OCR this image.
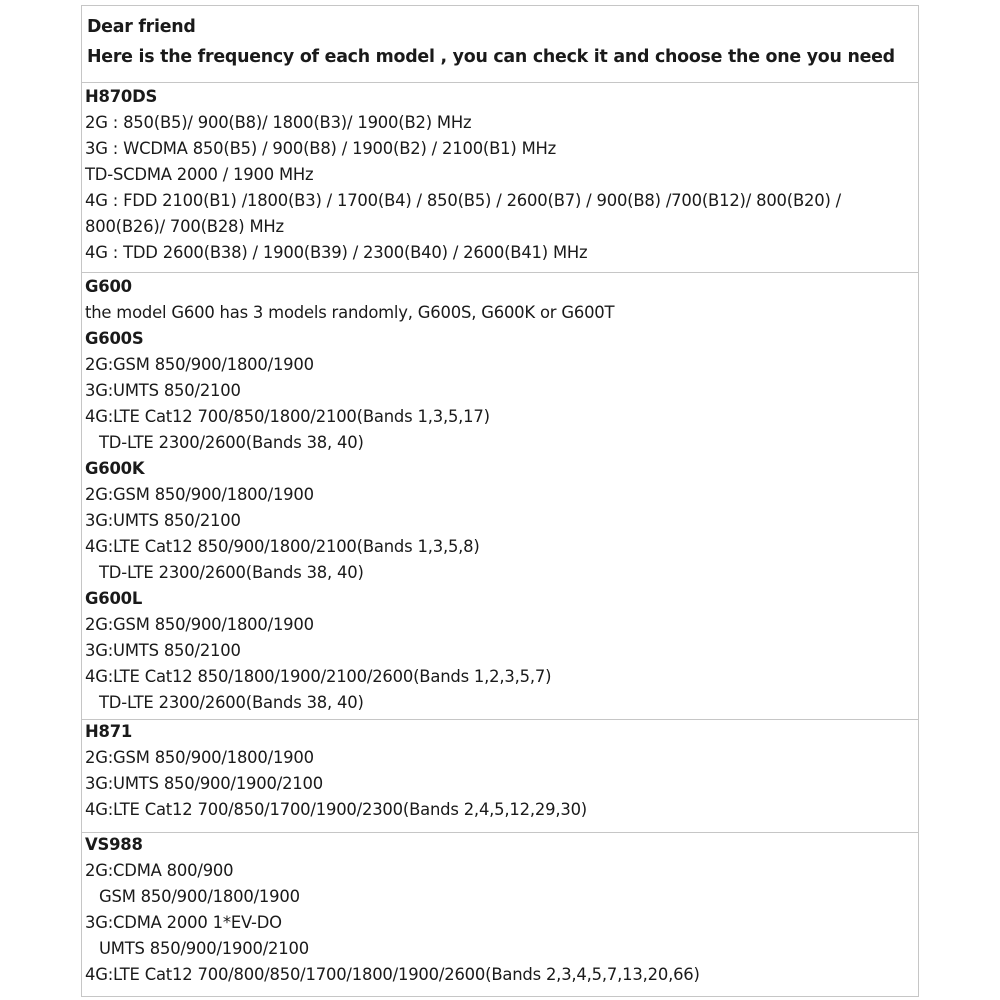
Dear friend
Here is the frequency of each model , you can check it and choose the one you need
H870DS
2G : 850(B5)/ 900(B8)/ 1800(B3)/ 1900(B2) MHz
3G : WCDMA 850(B5) / 900(B8) / 1900(B2) / 2100(B1) MHz
TD-SCDMA 2000 / 1900 MHz
4G : FDD 2100(B1) /1800(B3) / 1700(B4) / 850(B5) / 2600(B7) / 900(B8) /700(B12)/ 800(B20) /
800(B26)/ 700(B28) MHz
4G : TDD 2600(B38) / 1900(B39) / 2300(B40) / 2600(B41) MHz
G600
the model G600 has 3 models randomly, G600S, G600K or G600T
G600S
2G:GSM 850/900/1800/1900
3G:UMTS 850/2100
4G:LTE Cat12 700/850/1800/2100(Bands 1,3,5,17)
TD-LTE 2300/2600(Bands 38, 40)
G600K
2G:GSM 850/900/1800/1900
3G:UMTS 850/2100
4G:LTE Cat12 850/900/1800/2100(Bands 1,3,5,8)
TD-LTE 2300/2600(Bands 38, 40)
G600L
2G:GSM 850/900/1800/1900
3G:UMTS 850/2100
4G:LTE Cat12 850/1800/1900/2100/2600(Bands 1,2,3,5,7)
TD-LTE 2300/2600(Bands 38, 40)
H871
2G:GSM 850/900/1800/1900
3G:UMTS 850/900/1900/2100
4G:LTE Cat12 700/850/1700/1900/2300(Bands 2,4,5,12,29,30)
VS988
2G:CDMA 800/900
GSM 850/900/1800/1900
3G:CDMA 2000 1*EV-DO
UMTS 850/900/1900/2100
4G:LTE Cat12 700/800/850/1700/1800/1900/2600(Bands 2,3,4,5,7,13,20,66)
